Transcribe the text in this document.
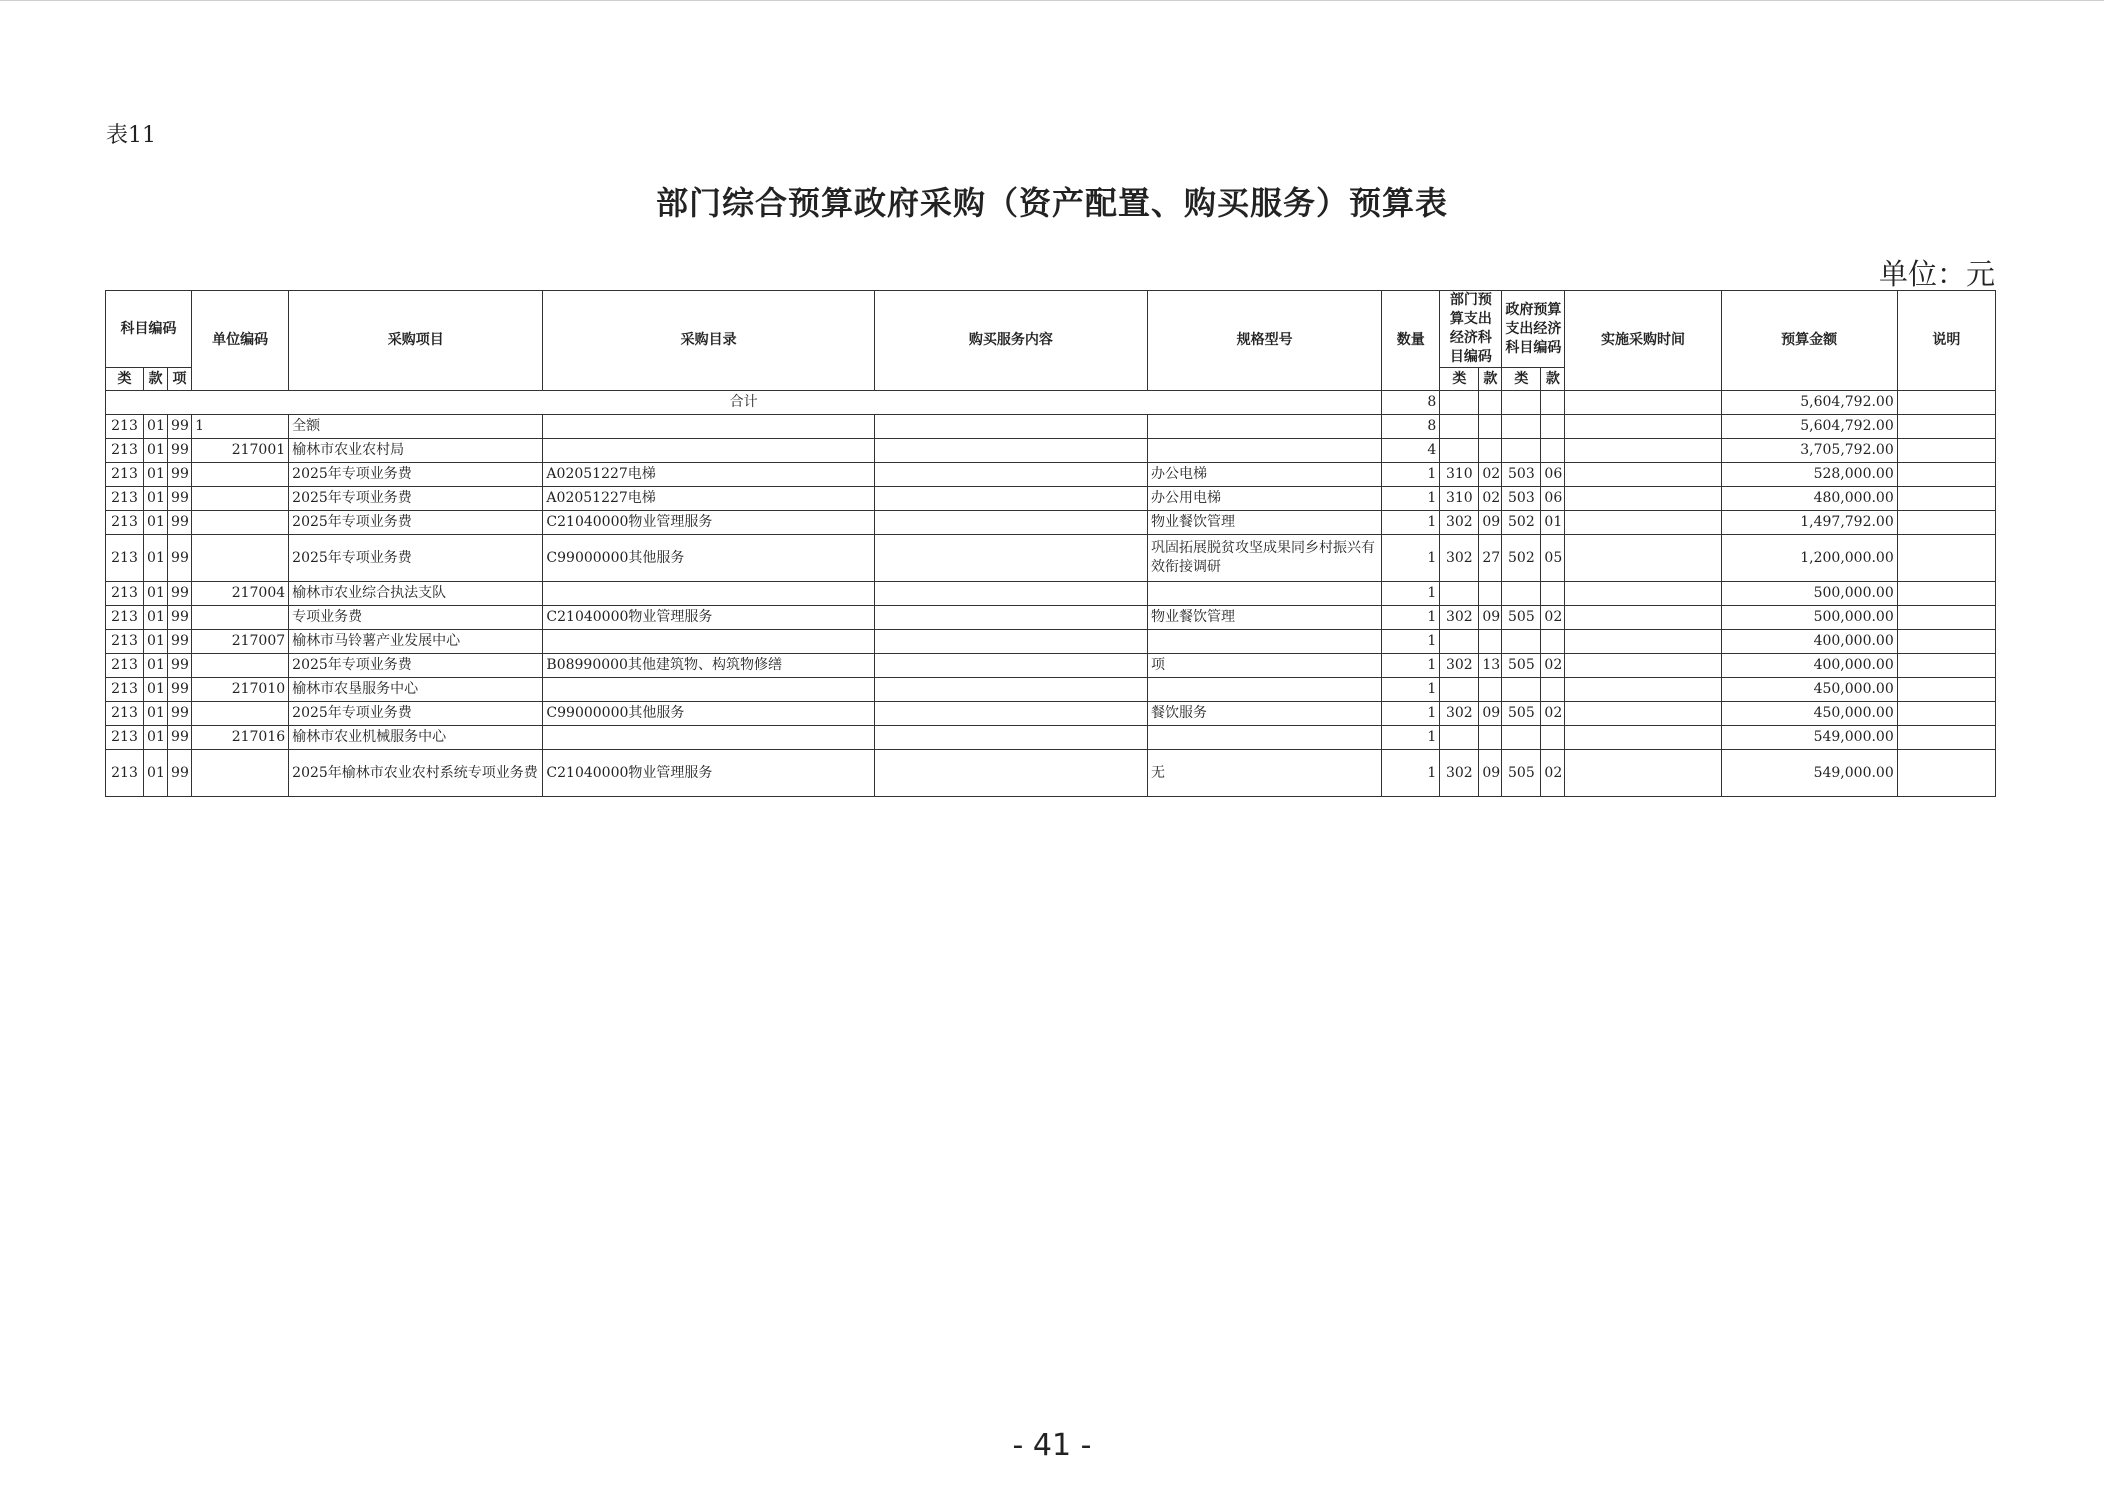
表11
部门综合预算政府采购（资产配置、购买服务）预算表
单位：元
科目编码			单位编码	采购项目	采购目录	购买服务内容	规格型号	数量	部门预算支出经济科目编码		政府预算支出经济科目编码		实施采购时间	预算金额	说明
类	款	项							类	款	类	款			
合计								8						5,604,792.00	
213	01	99	1	全额				8						5,604,792.00	
213	01	99	217001	榆林市农业农村局				4						3,705,792.00	
213	01	99		2025年专项业务费	A02051227电梯		办公电梯	1	310	02	503	06		528,000.00	
213	01	99		2025年专项业务费	A02051227电梯		办公用电梯	1	310	02	503	06		480,000.00	
213	01	99		2025年专项业务费	C21040000物业管理服务		物业餐饮管理	1	302	09	502	01		1,497,792.00	
213	01	99		2025年专项业务费	C99000000其他服务		巩固拓展脱贫攻坚成果同乡村振兴有效衔接调研	1	302	27	502	05		1,200,000.00	
213	01	99	217004	榆林市农业综合执法支队				1						500,000.00	
213	01	99		专项业务费	C21040000物业管理服务		物业餐饮管理	1	302	09	505	02		500,000.00	
213	01	99	217007	榆林市马铃薯产业发展中心				1						400,000.00	
213	01	99		2025年专项业务费	B08990000其他建筑物、构筑物修缮		项	1	302	13	505	02		400,000.00	
213	01	99	217010	榆林市农垦服务中心				1						450,000.00	
213	01	99		2025年专项业务费	C99000000其他服务		餐饮服务	1	302	09	505	02		450,000.00	
213	01	99	217016	榆林市农业机械服务中心				1						549,000.00	
213	01	99		2025年榆林市农业农村系统专项业务费	C21040000物业管理服务		无	1	302	09	505	02		549,000.00	
- 41 -
